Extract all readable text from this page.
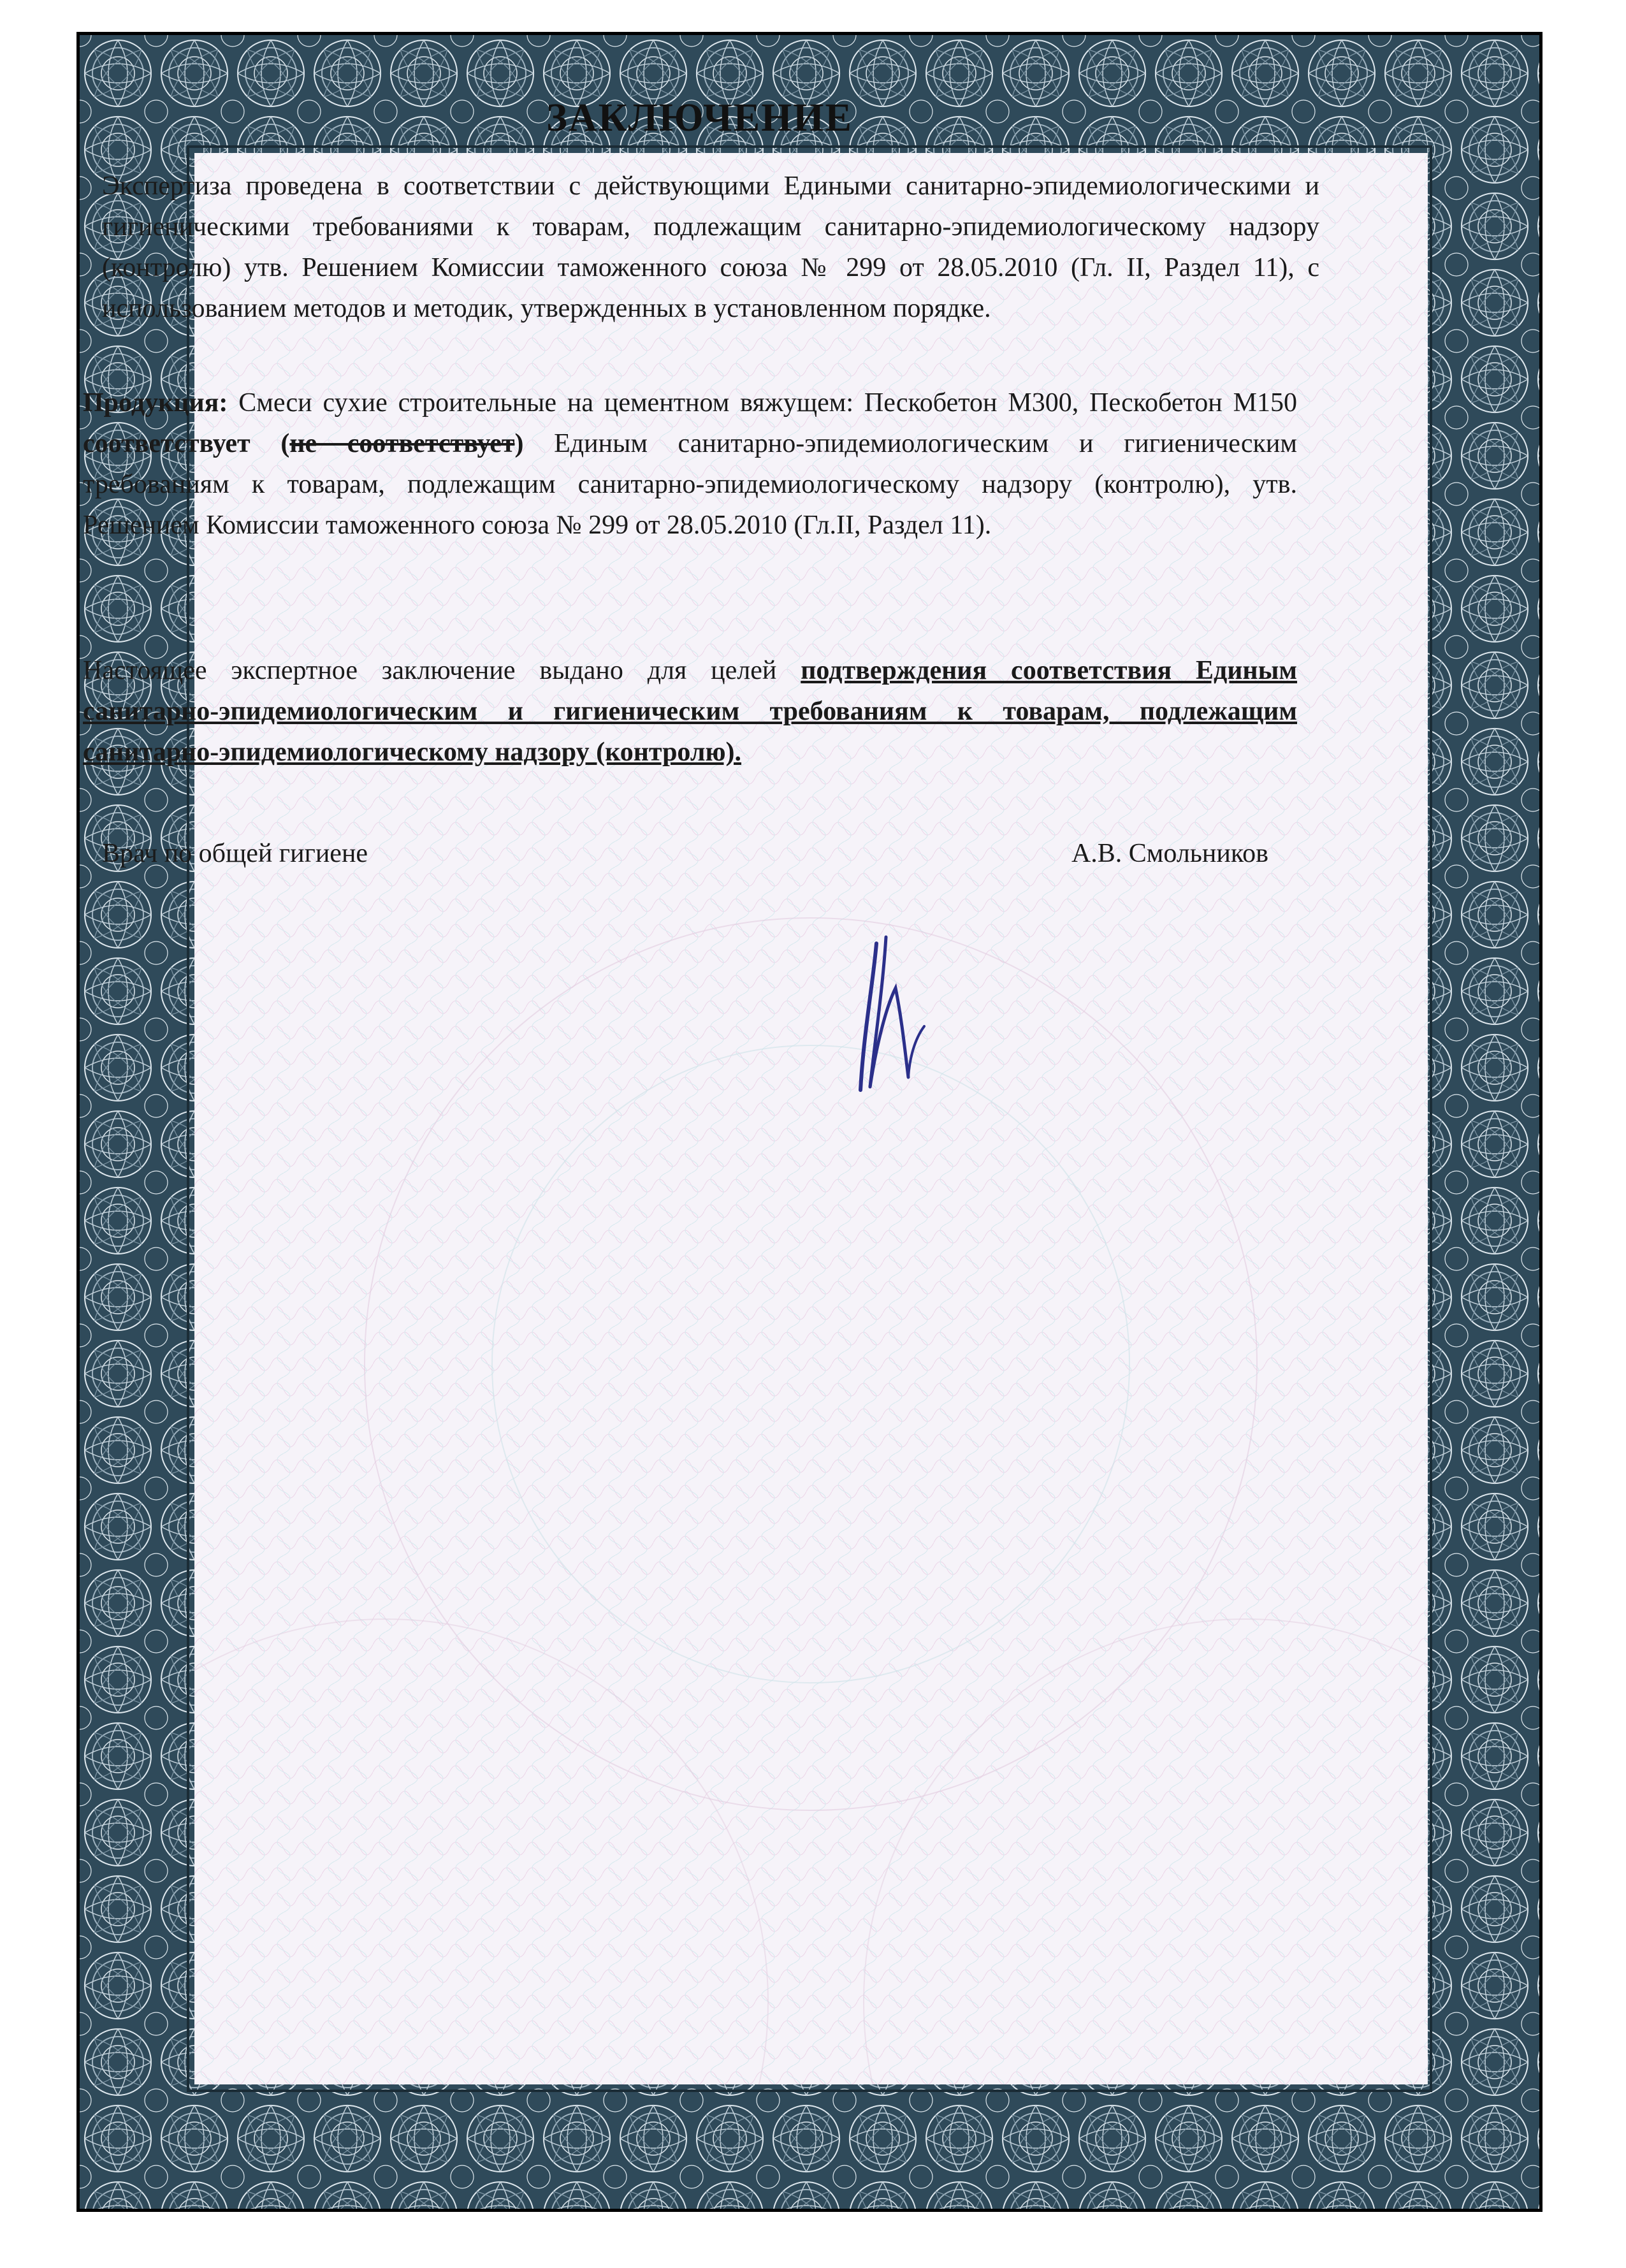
ЗАКЛЮЧЕНИЕ
Экспертиза проведена в соответствии с действующими Едиными санитарно-эпидемиологическими и гигиеническими требованиями к товарам, подлежащим санитарно-эпидемиологическому надзору (контролю) утв. Решением Комиссии таможенного союза № 299 от 28.05.2010 (Гл. II, Раздел 11), с использованием методов и методик, утвержденных в установленном порядке.
Продукция: Смеси сухие строительные на цементном вяжущем: Пескобетон М300, Пескобетон М150 соответствует (не соответствует) Единым санитарно-эпидемиологическим и гигиеническим требованиям к товарам, подлежащим санитарно-эпидемиологическому надзору (контролю), утв. Решением Комиссии таможенного союза № 299 от 28.05.2010 (Гл.II, Раздел 11).
Настоящее экспертное заключение выдано для целей подтверждения соответствия Единым санитарно-эпидемиологическим и гигиеническим требованиям к товарам, подлежащим санитарно-эпидемиологическому надзору (контролю).
Врач по общей гигиене	А.В. Смольников
